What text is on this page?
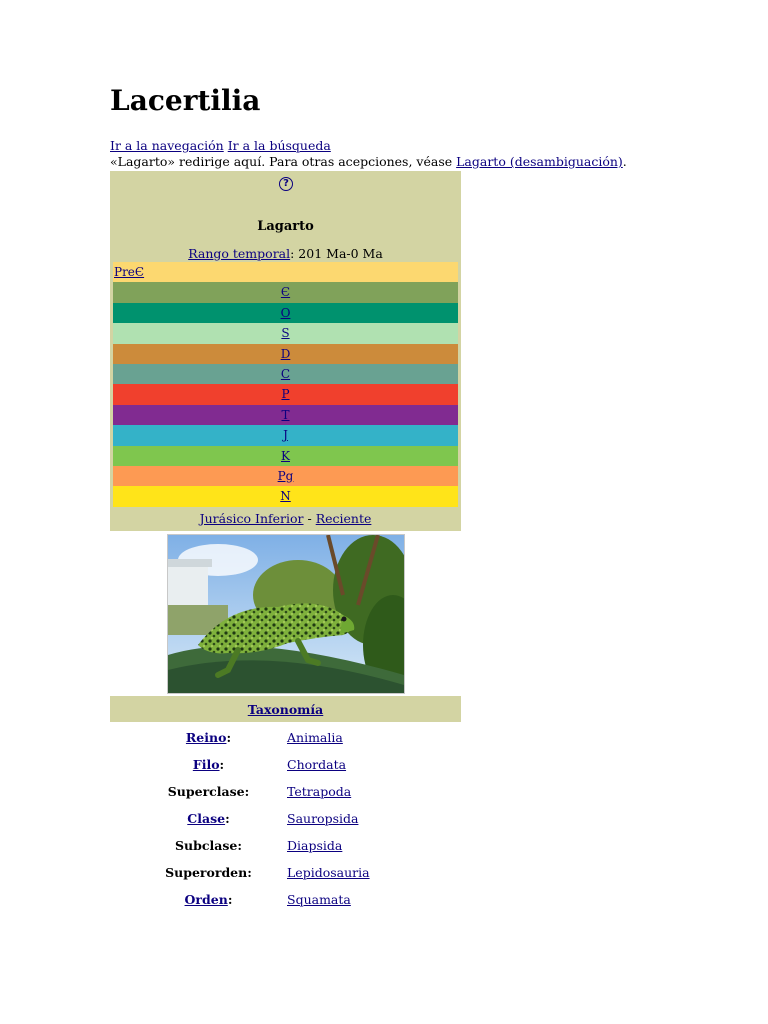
Lacertilia
Ir a la navegación Ir a la búsqueda
«Lagarto» redirige aquí. Para otras acepciones, véase Lagarto (desambiguación).
?
Lagarto
Rango temporal: 201 Ma-0 Ma
PreЄ
Є
O
S
D
C
P
T
J
K
Pg
N
Jurásico Inferior - Reciente
Taxonomía
Reino:	Animalia
Filo:	Chordata
Superclase:	Tetrapoda
Clase:	Sauropsida
Subclase:	Diapsida
Superorden:	Lepidosauria
Orden:	Squamata
